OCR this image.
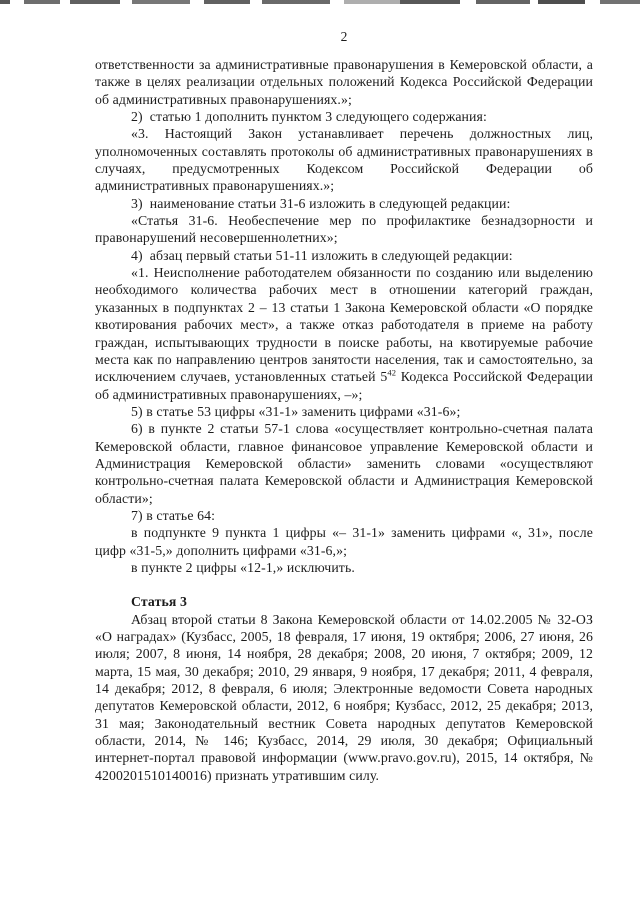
2

ответственности за административные правонарушения в Кемеровской области, а также в целях реализации отдельных положений Кодекса Российской Федерации об административных правонарушениях.»;

2)  статью 1 дополнить пунктом 3 следующего содержания:

«3. Настоящий Закон устанавливает перечень должностных лиц, уполномоченных составлять протоколы об административных правонарушениях в случаях, предусмотренных Кодексом Российской Федерации об административных правонарушениях.»;

3)  наименование статьи 31-6 изложить в следующей редакции:

«Статья 31-6. Необеспечение мер по профилактике безнадзорности и правонарушений несовершеннолетних»;

4)  абзац первый статьи 51-11 изложить в следующей редакции:

«1. Неисполнение работодателем обязанности по созданию или выделению необходимого количества рабочих мест в отношении категорий граждан, указанных в подпунктах 2 – 13 статьи 1 Закона Кемеровской области «О порядке квотирования рабочих мест», а также отказ работодателя в приеме на работу граждан, испытывающих трудности в поиске работы, на квотируемые рабочие места как по направлению центров занятости населения, так и самостоятельно, за исключением случаев, установленных статьей $5^{42}$ Кодекса Российской Федерации об административных правонарушениях, –»;

5) в статье 53 цифры «31-1» заменить цифрами «31-6»;

6) в пункте 2 статьи 57-1 слова «осуществляет контрольно-счетная палата Кемеровской области, главное финансовое управление Кемеровской области и Администрация Кемеровской области» заменить словами «осуществляют контрольно-счетная палата Кемеровской области и Администрация Кемеровской области»;

7) в статье 64:

в подпункте 9 пункта 1 цифры «– 31-1» заменить цифрами «, 31», после цифр «31-5,» дополнить цифрами «31-6,»;

в пункте 2 цифры «12-1,» исключить.

Статья 3

Абзац второй статьи 8 Закона Кемеровской области от 14.02.2005 № 32-ОЗ «О наградах» (Кузбасс, 2005, 18 февраля, 17 июня, 19 октября; 2006, 27 июня, 26 июля; 2007, 8 июня, 14 ноября, 28 декабря; 2008, 20 июня, 7 октября; 2009, 12 марта, 15 мая, 30 декабря; 2010, 29 января, 9 ноября, 17 декабря; 2011, 4 февраля, 14 декабря; 2012, 8 февраля, 6 июля; Электронные ведомости Совета народных депутатов Кемеровской области, 2012, 6 ноября; Кузбасс, 2012, 25 декабря; 2013, 31 мая; Законодательный вестник Совета народных депутатов Кемеровской области, 2014, № 146; Кузбасс, 2014, 29 июля, 30 декабря; Официальный интернет-портал правовой информации (www.pravo.gov.ru), 2015, 14 октября, № 4200201510140016) признать утратившим силу.
